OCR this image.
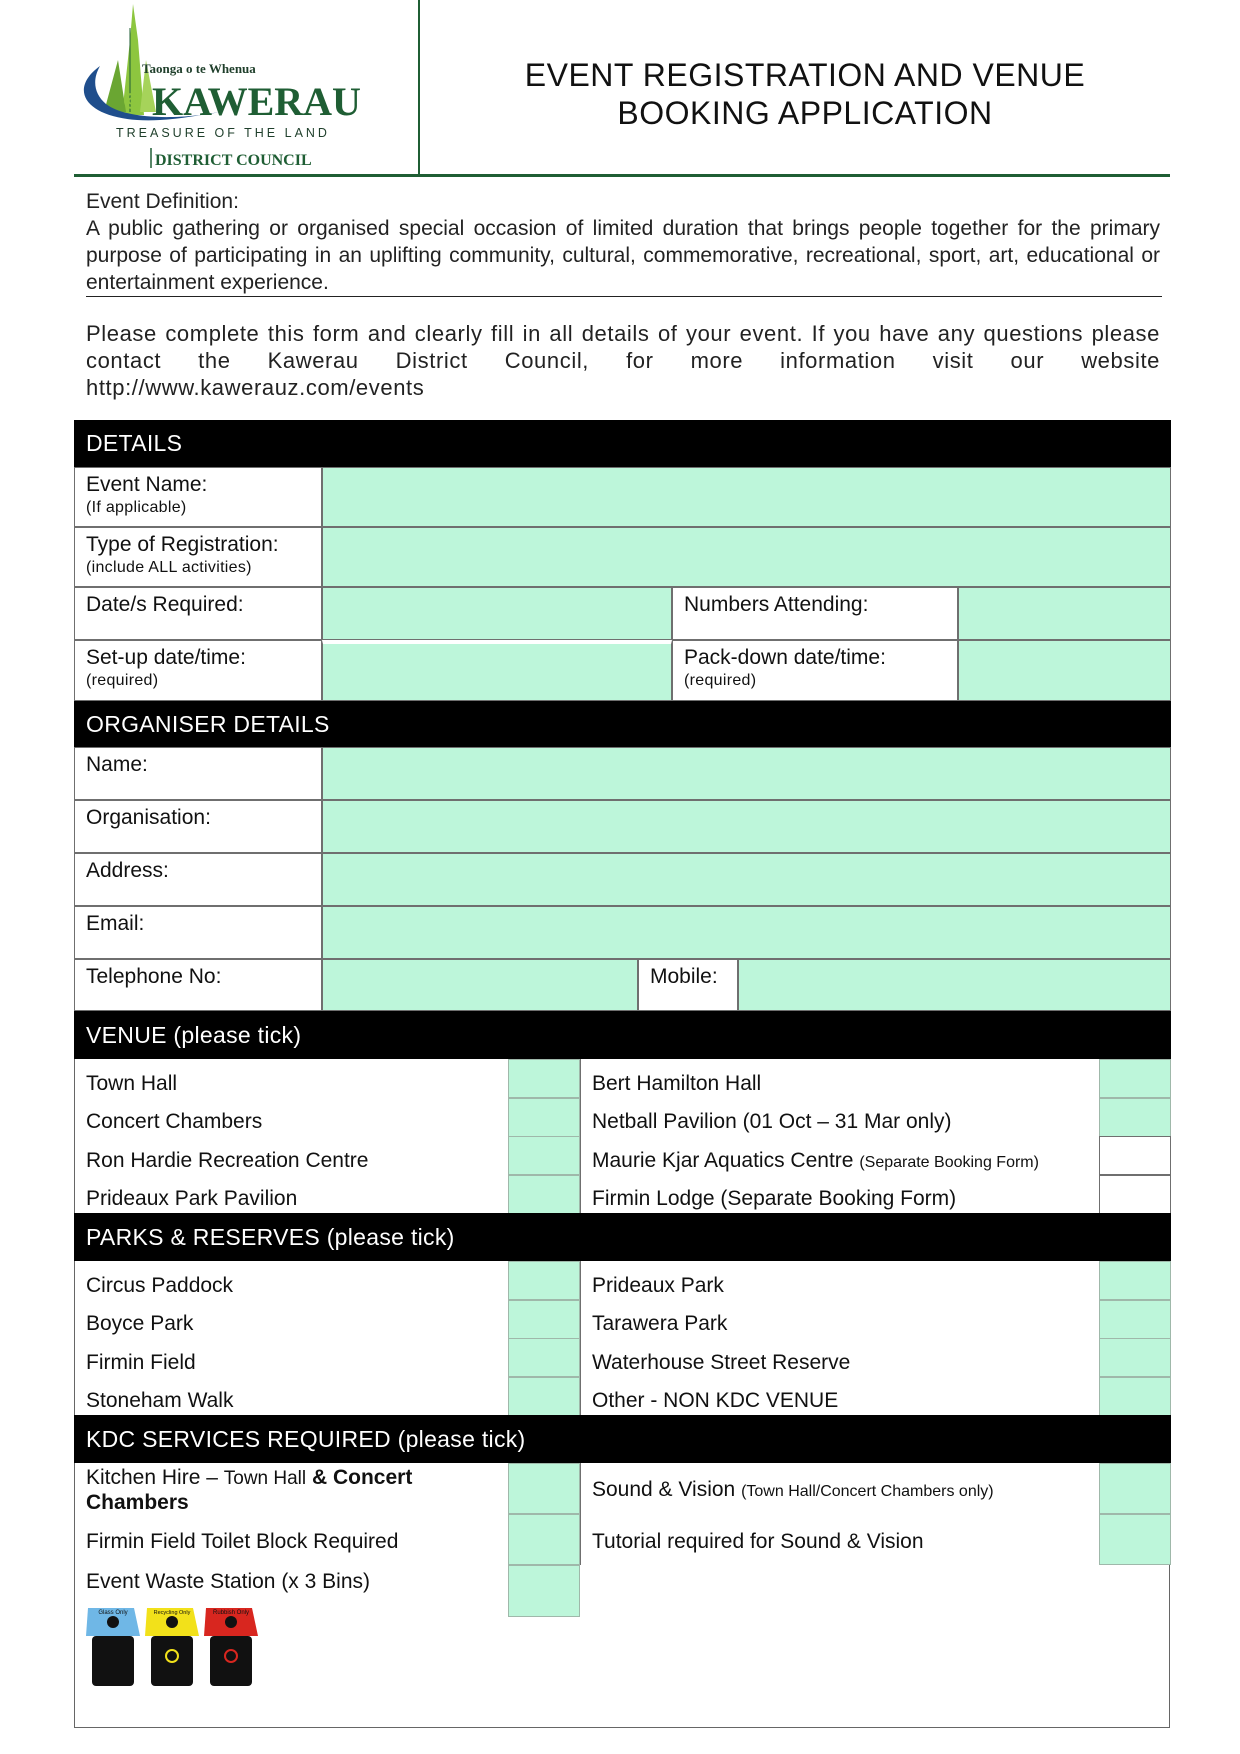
Taonga o te Whenua
KAWERAU
TREASURE OF THE LAND
DISTRICT COUNCIL
EVENT REGISTRATION AND VENUE
BOOKING APPLICATION
Event Definition:
A public gathering or organised special occasion of limited duration that brings people together for the primary purpose of participating in an uplifting community, cultural, commemorative, recreational, sport, art, educational or entertainment experience.
Please complete this form and clearly fill in all details of your event. If you have any questions please contact the Kawerau District Council, for more information visit our website http://www.kawerauz.com/events
DETAILS
Event Name:
(If applicable)
Type of Registration:
(include ALL activities)
Date/s Required:	Numbers Attending:
Set-up date/time:
(required)
Pack-down date/time:
(required)
ORGANISER DETAILS
Name:
Organisation:
Address:
Email:
Telephone No:	Mobile:
VENUE (please tick)
Town Hall
Concert Chambers
Ron Hardie Recreation Centre
Prideaux Park Pavilion
Bert Hamilton Hall
Netball Pavilion (01 Oct – 31 Mar only)
Maurie Kjar Aquatics Centre (Separate Booking Form)
Firmin Lodge (Separate Booking Form)
PARKS & RESERVES (please tick)
Circus Paddock
Boyce Park
Firmin Field
Stoneham Walk
Prideaux Park
Tarawera Park
Waterhouse Street Reserve
Other - NON KDC VENUE
KDC SERVICES REQUIRED (please tick)
Kitchen Hire – Town Hall & Concert
Chambers
Firmin Field Toilet Block Required
Event Waste Station (x 3 Bins)
Sound & Vision (Town Hall/Concert Chambers only)
Tutorial required for Sound & Vision
Glass Only	Recycling Only	Rubbish Only
